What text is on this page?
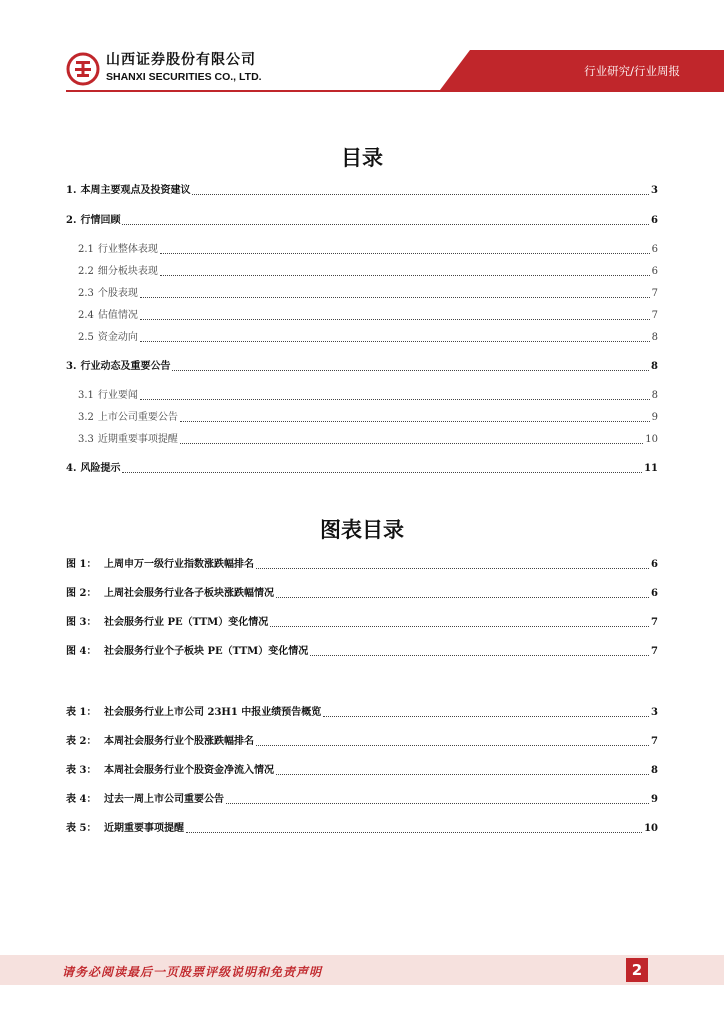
山西证券股份有限公司
SHANXI SECURITIES CO., LTD.	行业研究/行业周报
目录
1. 本周主要观点及投资建议	3
2. 行情回顾	6
2.1 行业整体表现	6
2.2 细分板块表现	6
2.3 个股表现	7
2.4 估值情况	7
2.5 资金动向	8
3. 行业动态及重要公告	8
3.1 行业要闻	8
3.2 上市公司重要公告	9
3.3 近期重要事项提醒	10
4. 风险提示	11
图表目录
图 1： 上周申万一级行业指数涨跌幅排名	6
图 2： 上周社会服务行业各子板块涨跌幅情况	6
图 3： 社会服务行业 PE（TTM）变化情况	7
图 4： 社会服务行业个子板块 PE（TTM）变化情况	7
表 1： 社会服务行业上市公司 23H1 中报业绩预告概览	3
表 2： 本周社会服务行业个股涨跌幅排名	7
表 3： 本周社会服务行业个股资金净流入情况	8
表 4： 过去一周上市公司重要公告	9
表 5： 近期重要事项提醒	10
请务必阅读最后一页股票评级说明和免责声明	2
